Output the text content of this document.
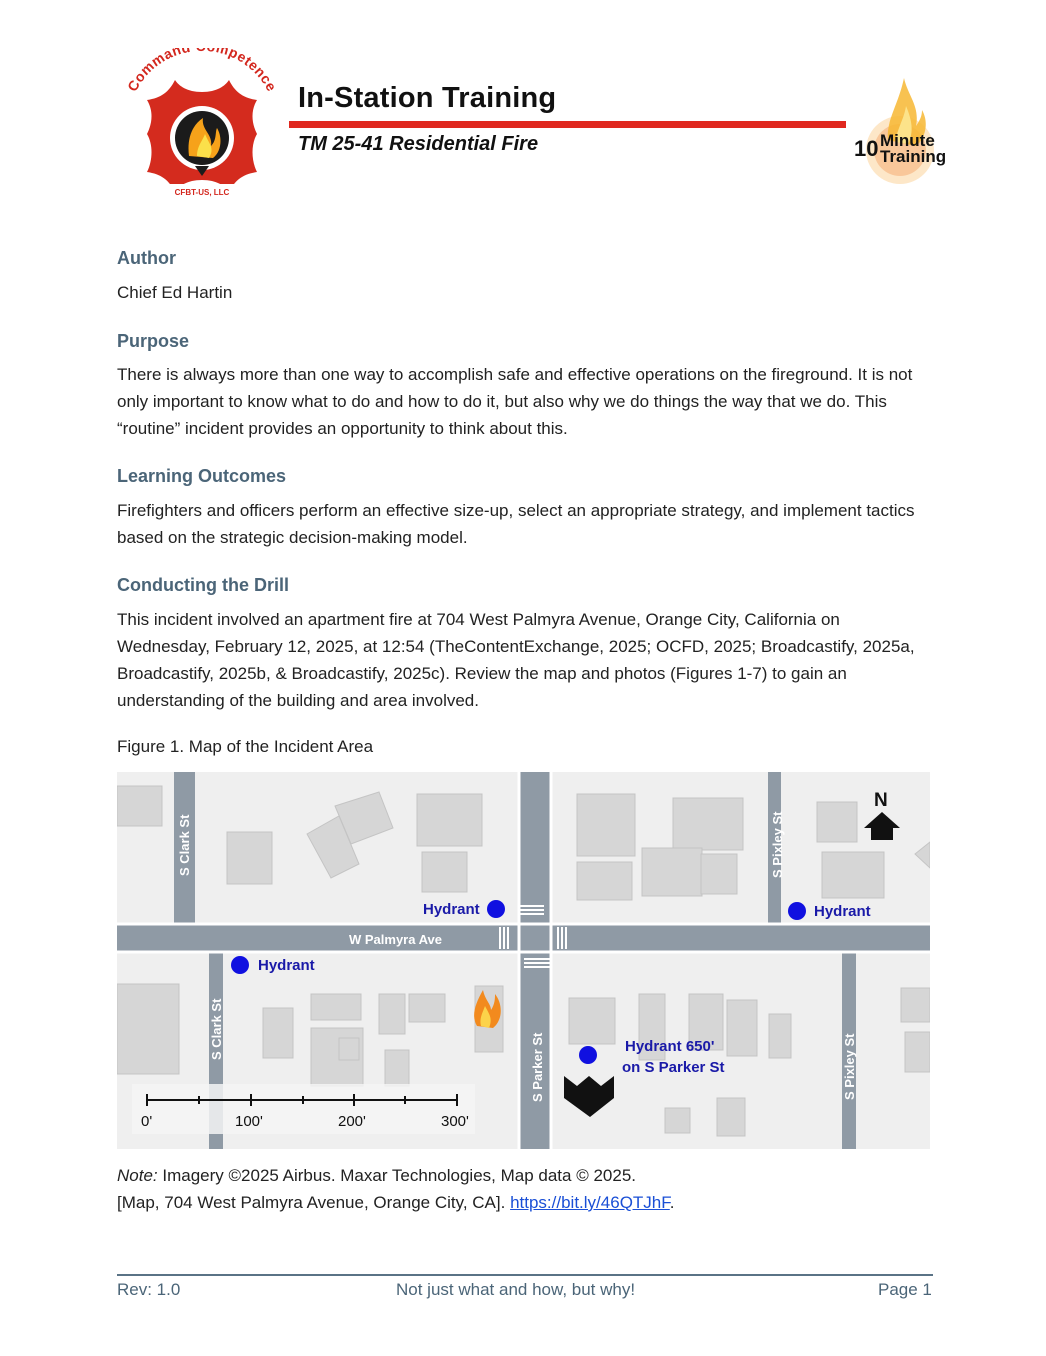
Comman mpetence
CFBT-US, LLC
In-Station Training
TM 25-41 Residential Fire	10 Minute
Training
Author
Chief Ed Hartin
Purpose
There is always more than one way to accomplish safe and effective operations on the fireground. It is not only important to know what to do and how to do it, but also why we do things the way that we do. This “routine” incident provides an opportunity to think about this.
Learning Outcomes
Firefighters and officers perform an effective size-up, select an appropriate strategy, and implement tactics based on the strategic decision-making model.
Conducting the Drill
This incident involved an apartment fire at 704 West Palmyra Avenue, Orange City, California on Wednesday, February 12, 2025, at 12:54 (TheContentExchange, 2025; OCFD, 2025; Broadcastify, 2025a, Broadcastify, 2025b, & Broadcastify, 2025c). Review the map and photos (Figures 1-7) to gain an understanding of the building and area involved.
Figure 1. Map of the Incident Area
0'	100'	200'	300'
W Palmyra Ave
S Clark St
S Clark St
S Parker St
S Pixley St
S Pixley St
Hydrant	Hydrant
Hydrant
Hydrant 650'
on S Parker St
N
Note: Imagery ©2025 Airbus. Maxar Technologies, Map data © 2025.
[Map, 704 West Palmyra Avenue, Orange City, CA]. https://bit.ly/46QTJhF.
Rev: 1.0	Not just what and how, but why!	Page 1
